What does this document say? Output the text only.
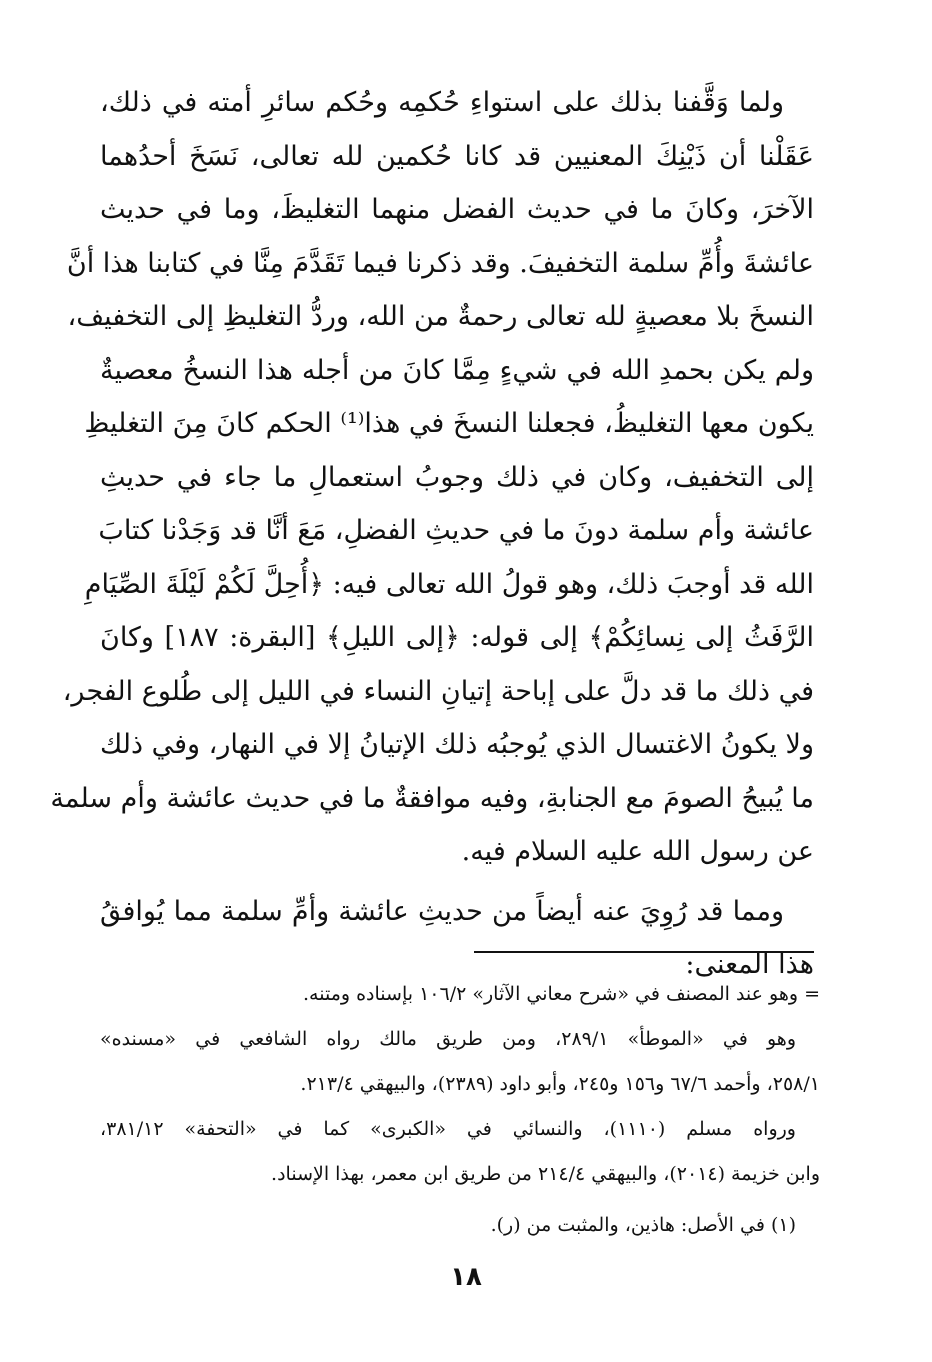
ولما وَقَّفنا بذلك على استواءِ حُكمِه وحُكم سائرِ أمته في ذلك،
عَقَلْنا أن ذَيْنِكَ المعنيين قد كانا حُكمين لله تعالى، نَسَخَ أحدُهما
الآخرَ، وكانَ ما في حديث الفضل منهما التغليظَ، وما في حديث
عائشةَ وأُمِّ سلمة التخفيفَ. وقد ذكرنا فيما تَقَدَّمَ مِنَّا في كتابنا هذا أنَّ
النسخَ بلا معصيةٍ لله تعالى رحمةٌ من الله، وردُّ التغليظِ إلى التخفيف،
ولم يكن بحمدِ الله في شيءٍ مِمَّا كانَ من أجله هذا النسخُ معصيةٌ
يكون معها التغليظُ، فجعلنا النسخَ في هذا⁽¹⁾ الحكم كانَ مِنَ التغليظِ
إلى التخفيف، وكان في ذلك وجوبُ استعمالِ ما جاء في حديثِ
عائشة وأم سلمة دونَ ما في حديثِ الفضلِ، مَعَ أنَّا قد وَجَدْنا كتابَ
الله قد أوجبَ ذلك، وهو قولُ الله تعالى فيه: ﴿أُحِلَّ لَكُمْ لَيْلَةَ الصِّيَامِ
الرَّفَثُ إلى نِسائِكُمْ﴾ إلى قوله: ﴿إلى الليلِ﴾ [البقرة: ١٨٧] وكانَ
في ذلك ما قد دلَّ على إباحة إتيانِ النساء في الليل إلى طُلوع الفجر،
ولا يكونُ الاغتسال الذي يُوجبُه ذلك الإتيانُ إلا في النهار، وفي ذلك
ما يُبيحُ الصومَ مع الجنابةِ، وفيه موافقةٌ ما في حديث عائشة وأم سلمة
عن رسول الله عليه السلام فيه.
ومما قد رُوِيَ عنه أيضاً من حديثِ عائشة وأمِّ سلمة مما يُوافقُ
هذا المعنى:
= وهو عند المصنف في «شرح معاني الآثار» ١٠٦/٢ بإسناده ومتنه.
وهو في «الموطأ» ٢٨٩/١، ومن طريق مالك رواه الشافعي في «مسنده»
٢٥٨/١، وأحمد ٦٧/٦ و١٥٦ و٢٤٥، وأبو داود (٢٣٨٩)، والبيهقي ٢١٣/٤.
ورواه مسلم (١١١٠)، والنسائي في «الكبرى» كما في «التحفة» ٣٨١/١٢،
وابن خزيمة (٢٠١٤)، والبيهقي ٢١٤/٤ من طريق ابن معمر، بهذا الإسناد.
(١) في الأصل: هاذين، والمثبت من (ر).
١٨
